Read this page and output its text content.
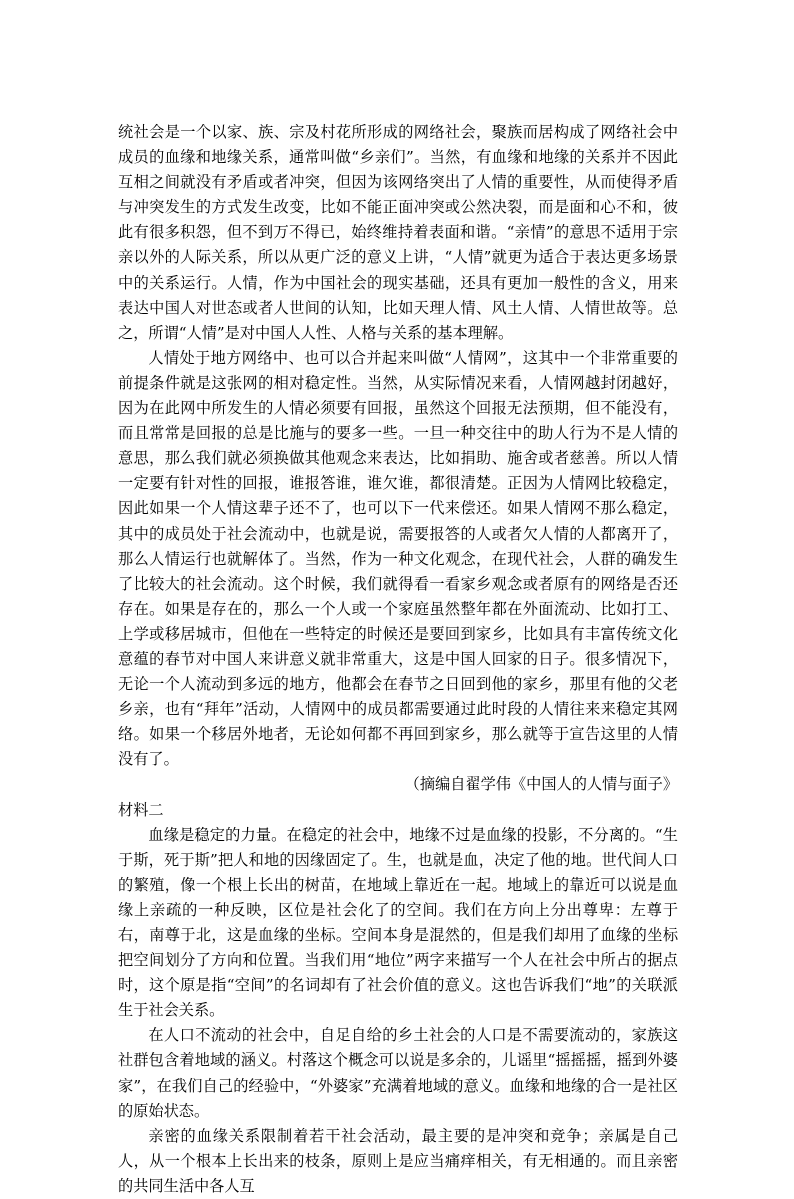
统社会是一个以家、族、宗及村花所形成的网络社会，聚族而居构成了网络社会中成员的血缘和地缘关系，通常叫做“乡亲们”。当然，有血缘和地缘的关系并不因此互相之间就没有矛盾或者冲突，但因为该网络突出了人情的重要性，从而使得矛盾与冲突发生的方式发生改变，比如不能正面冲突或公然决裂，而是面和心不和，彼此有很多积怨，但不到万不得已，始终维持着表面和谐。“亲情”的意思不适用于宗亲以外的人际关系，所以从更广泛的意义上讲，“人情”就更为适合于表达更多场景中的关系运行。人情，作为中国社会的现实基础，还具有更加一般性的含义，用来表达中国人对世态或者人世间的认知，比如天理人情、风土人情、人情世故等。总之，所谓“人情”是对中国人人性、人格与关系的基本理解。

人情处于地方网络中、也可以合并起来叫做“人情网”，这其中一个非常重要的前提条件就是这张网的相对稳定性。当然，从实际情况来看，人情网越封闭越好，因为在此网中所发生的人情必须要有回报，虽然这个回报无法预期，但不能没有，而且常常是回报的总是比施与的要多一些。一旦一种交往中的助人行为不是人情的意思，那么我们就必须换做其他观念来表达，比如捐助、施舍或者慈善。所以人情一定要有针对性的回报，谁报答谁，谁欠谁，都很清楚。正因为人情网比较稳定，因此如果一个人情这辈子还不了，也可以下一代来偿还。如果人情网不那么稳定，其中的成员处于社会流动中，也就是说，需要报答的人或者欠人情的人都离开了，那么人情运行也就解体了。当然，作为一种文化观念，在现代社会，人群的确发生了比较大的社会流动。这个时候，我们就得看一看家乡观念或者原有的网络是否还存在。如果是存在的，那么一个人或一个家庭虽然整年都在外面流动、比如打工、上学或移居城市，但他在一些特定的时候还是要回到家乡，比如具有丰富传统文化意蕴的春节对中国人来讲意义就非常重大，这是中国人回家的日子。很多情况下，无论一个人流动到多远的地方，他都会在春节之日回到他的家乡，那里有他的父老乡亲，也有“拜年”活动，人情网中的成员都需要通过此时段的人情往来来稳定其网络。如果一个移居外地者，无论如何都不再回到家乡，那么就等于宣告这里的人情没有了。

（摘编自翟学伟《中国人的人情与面子》

材料二

血缘是稳定的力量。在稳定的社会中，地缘不过是血缘的投影，不分离的。“生于斯，死于斯”把人和地的因缘固定了。生，也就是血，决定了他的地。世代间人口的繁殖，像一个根上长出的树苗，在地域上靠近在一起。地域上的靠近可以说是血缘上亲疏的一种反映，区位是社会化了的空间。我们在方向上分出尊卑：左尊于右，南尊于北，这是血缘的坐标。空间本身是混然的，但是我们却用了血缘的坐标把空间划分了方向和位置。当我们用“地位”两字来描写一个人在社会中所占的据点时，这个原是指“空间”的名词却有了社会价值的意义。这也告诉我们“地”的关联派生于社会关系。

在人口不流动的社会中，自足自给的乡土社会的人口是不需要流动的，家族这社群包含着地域的涵义。村落这个概念可以说是多余的，儿谣里“摇摇摇，摇到外婆家”，在我们自己的经验中，“外婆家”充满着地域的意义。血缘和地缘的合一是社区的原始状态。

亲密的血缘关系限制着若干社会活动，最主要的是冲突和竞争；亲属是自己人，从一个根本上长出来的枝条，原则上是应当痛痒相关，有无相通的。而且亲密的共同生活中各人互
